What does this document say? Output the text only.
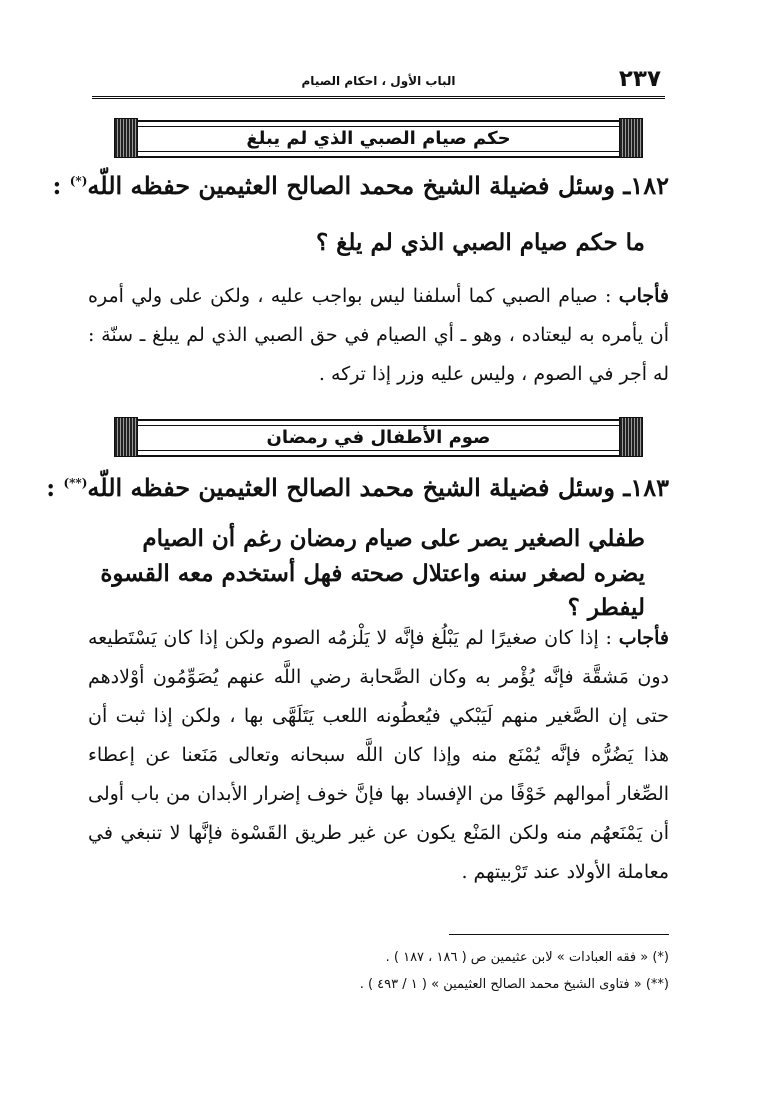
٢٣٧
الباب الأول ، احكام الصيام
حكم صيام الصبي الذي لم يبلغ
١٨٢ـ وسئل فضيلة الشيخ محمد الصالح العثيمين حفظه اللّه(*) :
ما حكم صيام الصبي الذي لم يلغ ؟
فأجاب : صيام الصبي كما أسلفنا ليس بواجب عليه ، ولكن على ولي أمره أن يأمره به ليعتاده ، وهو ـ أي الصيام في حق الصبي الذي لم يبلغ ـ سنّة : له أجر في الصوم ، وليس عليه وزر إذا تركه .
صوم الأطفال في رمضان
١٨٣ـ وسئل فضيلة الشيخ محمد الصالح العثيمين حفظه اللّه(**) :
طفلي الصغير يصر على صيام رمضان رغم أن الصيام يضره لصغر سنه واعتلال صحته فهل أستخدم معه القسوة ليفطر ؟
فأجاب : إذا كان صغيرًا لم يَبْلُغ فإنَّه لا يَلْزمُه الصوم ولكن إذا كان يَسْتَطيعه دون مَشقَّة فإنَّه يُؤْمر به وكان الصَّحابة رضي اللَّه عنهم يُصَوِّمُون أوْلادهم حتى إن الصَّغير منهم لَيَبْكي فيُعطُونه اللعب يَتَلَهَّى بها ، ولكن إذا ثبت أن هذا يَضُرُّه فإنَّه يُمْنَع منه وإذا كان اللَّه سبحانه وتعالى مَنَعنا عن إعطاء الصِّغار أموالهم خَوْفًا من الإفساد بها فإنَّ خوف إضرار الأبدان من باب أولى أن يَمْنَعهُم منه ولكن المَنْع يكون عن غير طريق القَسْوة فإنَّها لا تنبغي في معاملة الأولاد عند تَرْبيتهم .
(*) « فقه العبادات » لابن عثيمين ص ( ١٨٦ ، ١٨٧ ) .
(**) « فتاوى الشيخ محمد الصالح العثيمين » ( ١ / ٤٩٣ ) .
